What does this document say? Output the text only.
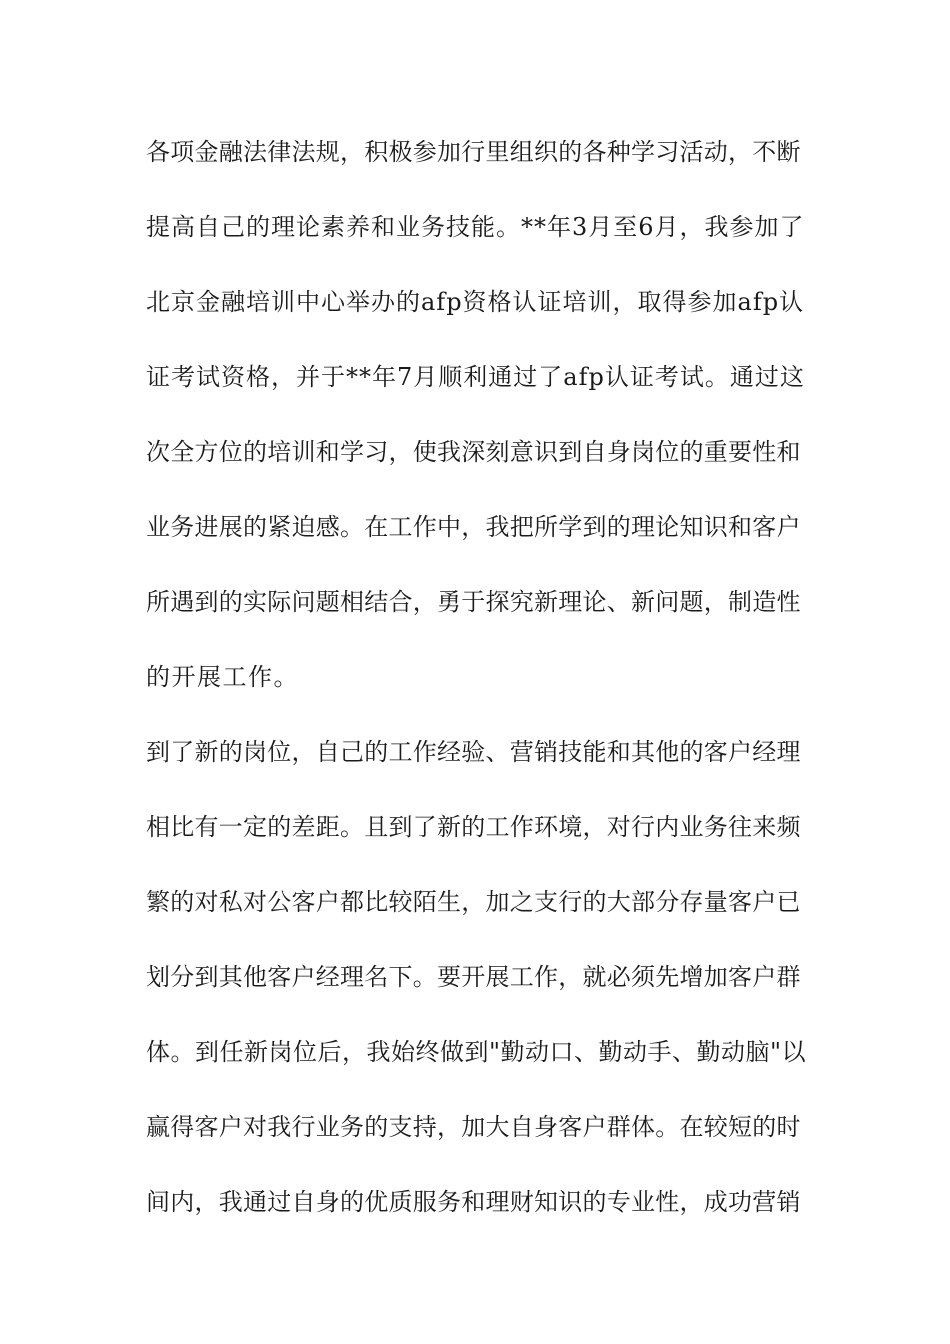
各项金融法律法规，积极参加行里组织的各种学习活动，不断
提高自己的理论素养和业务技能。**年3月至6月，我参加了
北京金融培训中心举办的afp资格认证培训，取得参加afp认
证考试资格，并于**年7月顺利通过了afp认证考试。通过这
次全方位的培训和学习，使我深刻意识到自身岗位的重要性和
业务进展的紧迫感。在工作中，我把所学到的理论知识和客户
所遇到的实际问题相结合，勇于探究新理论、新问题，制造性
的开展工作。
到了新的岗位，自己的工作经验、营销技能和其他的客户经理
相比有一定的差距。且到了新的工作环境，对行内业务往来频
繁的对私对公客户都比较陌生，加之支行的大部分存量客户已
划分到其他客户经理名下。要开展工作，就必须先增加客户群
体。到任新岗位后，我始终做到"勤动口、勤动手、勤动脑"以
赢得客户对我行业务的支持，加大自身客户群体。在较短的时
间内，我通过自身的优质服务和理财知识的专业性，成功营销
